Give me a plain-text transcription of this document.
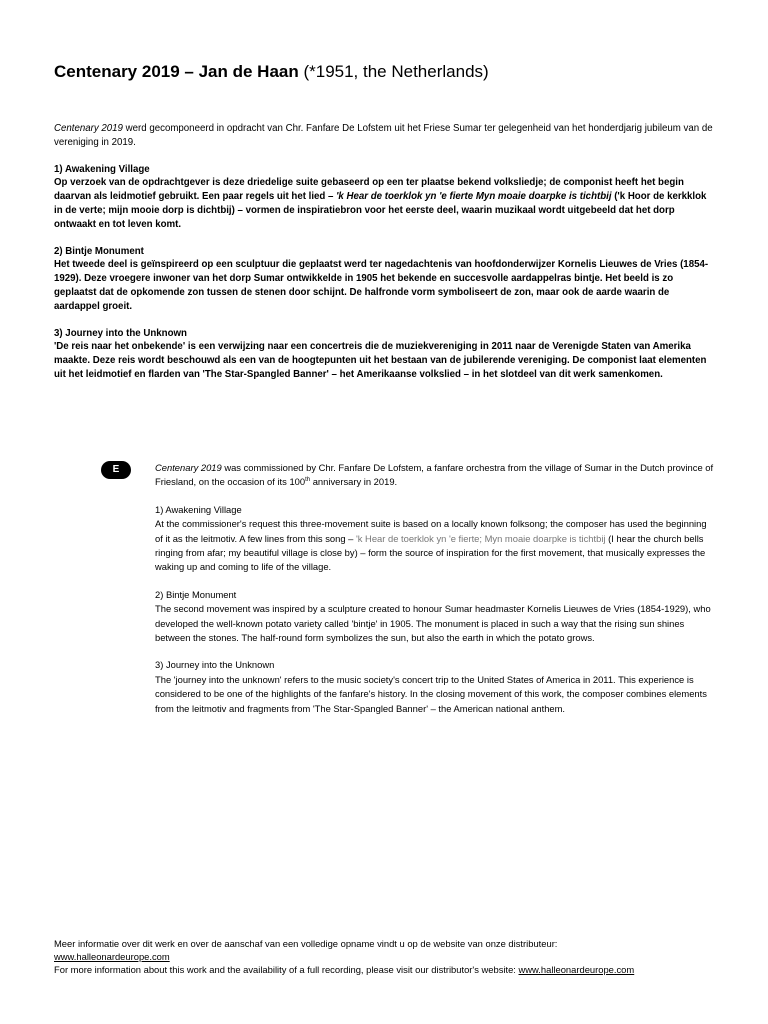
Centenary 2019 – Jan de Haan (*1951, the Netherlands)

Centenary 2019 werd gecomponeerd in opdracht van Chr. Fanfare De Lofstem uit het Friese Sumar ter gelegenheid van het honderdjarig jubileum van de vereniging in 2019.

1) Awakening Village

Op verzoek van de opdrachtgever is deze driedelige suite gebaseerd op een ter plaatse bekend volksliedje; de componist heeft het begin daarvan als leidmotief gebruikt. Een paar regels uit het lied – 'k Hear de toerklok yn 'e fierte Myn moaie doarpke is tichtbij ('k Hoor de kerkklok in de verte; mijn mooie dorp is dichtbij) – vormen de inspiratiebron voor het eerste deel, waarin muzikaal wordt uitgebeeld dat het dorp ontwaakt en tot leven komt.

2) Bintje Monument

Het tweede deel is geïnspireerd op een sculptuur die geplaatst werd ter nagedachtenis van hoofdonderwijzer Kornelis Lieuwes de Vries (1854-1929). Deze vroegere inwoner van het dorp Sumar ontwikkelde in 1905 het bekende en succesvolle aardappelras bintje. Het beeld is zo geplaatst dat de opkomende zon tussen de stenen door schijnt. De halfronde vorm symboliseert de zon, maar ook de aarde waarin de aardappel groeit.

3) Journey into the Unknown

'De reis naar het onbekende' is een verwijzing naar een concertreis die de muziekvereniging in 2011 naar de Verenigde Staten van Amerika maakte. Deze reis wordt beschouwd als een van de hoogtepunten uit het bestaan van de jubilerende vereniging. De componist laat elementen uit het leidmotief en flarden van 'The Star-Spangled Banner' – het Amerikaanse volkslied – in het slotdeel van dit werk samenkomen.

E	Centenary 2019 was commissioned by Chr. Fanfare De Lofstem, a fanfare orchestra from the village of Sumar in the Dutch province of Friesland, on the occasion of its 100th anniversary in 2019.

1) Awakening Village

At the commissioner's request this three-movement suite is based on a locally known folksong; the composer has used the beginning of it as the leitmotiv. A few lines from this song – 'k Hear de toerklok yn 'e fierte; Myn moaie doarpke is tichtbij (I hear the church bells ringing from afar; my beautiful village is close by) – form the source of inspiration for the first movement, that musically expresses the waking up and coming to life of the village.

2) Bintje Monument

The second movement was inspired by a sculpture created to honour Sumar headmaster Kornelis Lieuwes de Vries (1854-1929), who developed the well-known potato variety called 'bintje' in 1905. The monument is placed in such a way that the rising sun shines between the stones. The half-round form symbolizes the sun, but also the earth in which the potato grows.

3) Journey into the Unknown

The 'journey into the unknown' refers to the music society's concert trip to the United States of America in 2011. This experience is considered to be one of the highlights of the fanfare's history. In the closing movement of this work, the composer combines elements from the leitmotiv and fragments from 'The Star-Spangled Banner' – the American national anthem.

Meer informatie over dit werk en over de aanschaf van een volledige opname vindt u op de website van onze distributeur:

www.halleonardeurope.com

For more information about this work and the availability of a full recording, please visit our distributor's website: www.halleonardeurope.com
